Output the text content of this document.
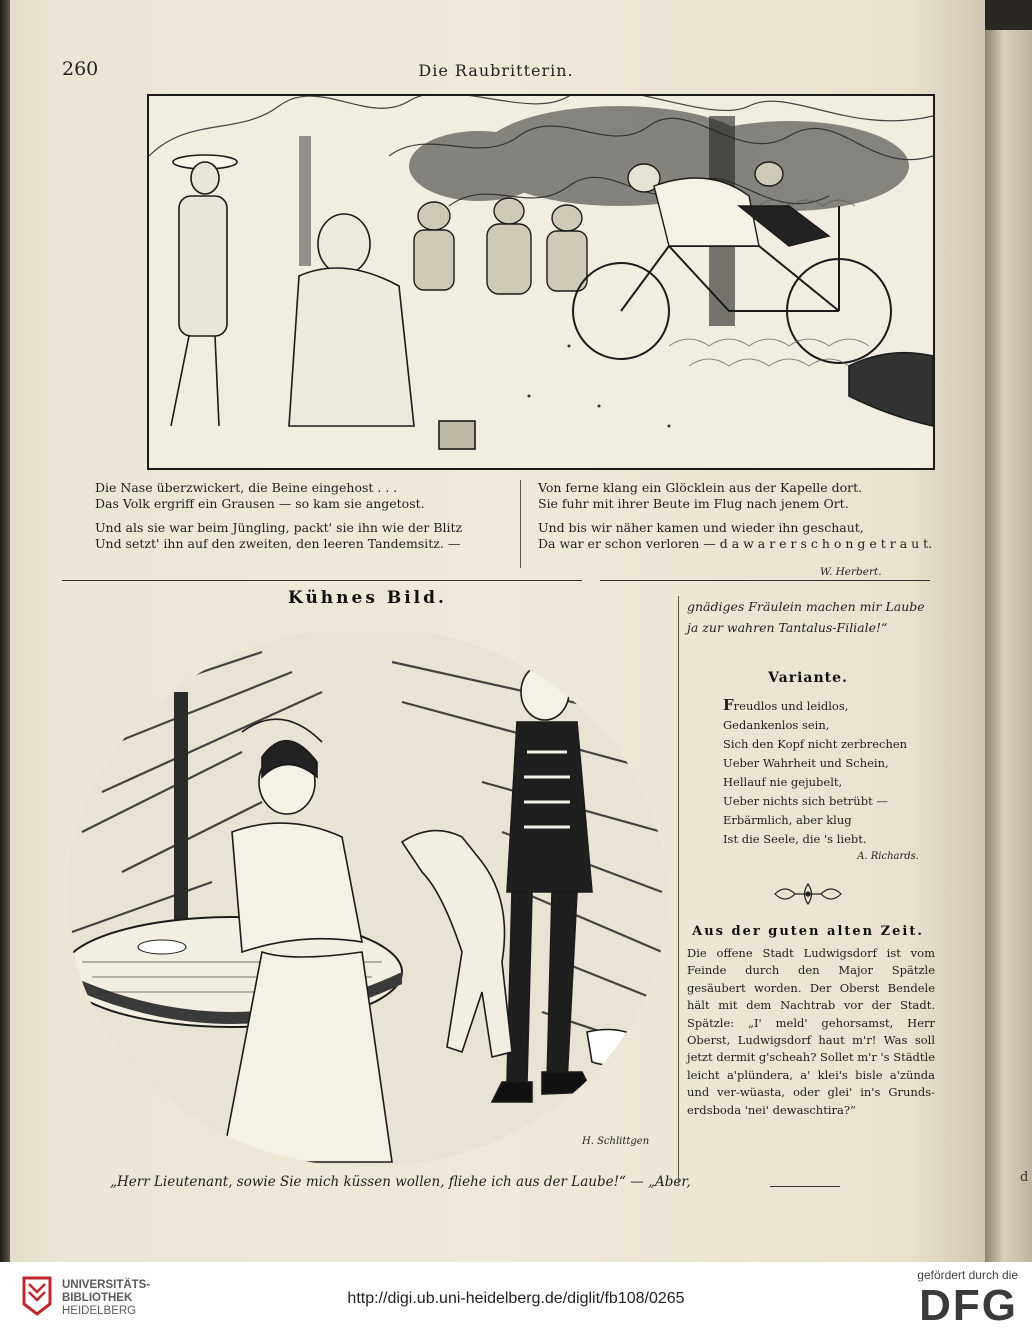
d
260	Die Raubritterin.
Die Nase überzwickert, die Beine eingehost . . .
Das Volk ergriff ein Grausen — so kam sie angetost.
Und als sie war beim Jüngling, packt' sie ihn wie der Blitz
Und setzt' ihn auf den zweiten, den leeren Tandemsitz. —
Von ferne klang ein Glöcklein aus der Kapelle dort.
Sie fuhr mit ihrer Beute im Flug nach jenem Ort.
Und bis wir näher kamen und wieder ihn geschaut,
Da war er schon verloren — d a w a r e r s c h o n g e t r a u t.
W. Herbert.
Kühnes Bild.
H. Schlittgen
„Herr Lieutenant, sowie Sie mich küssen wollen, fliehe ich aus der Laube!“ — „Aber,
gnädiges Fräulein machen mir Laube
ja zur wahren Tantalus-Filiale!“
Variante.
Freudlos und leidlos,
Gedankenlos sein,
Sich den Kopf nicht zerbrechen
Ueber Wahrheit und Schein,
Hellauf nie gejubelt,
Ueber nichts sich betrübt —
Erbärmlich, aber klug
Ist die Seele, die 's liebt.
A. Richards.
Aus der guten alten Zeit.
Die offene Stadt Ludwigsdorf ist vom Feinde durch den Major Spätzle gesäubert worden. Der Oberst Bendele hält mit dem Nachtrab vor der Stadt. Spätzle: „I' meld' gehorsamst, Herr Oberst, Ludwigsdorf haut m'r! Was soll jetzt dermit g'scheah? Sollet m'r 's Städtle leicht a'plündera, a' klei's bisle a'zünda und ver-wüasta, oder glei' in's Grunds-erdsboda 'nei' dewaschtira?“
UNIVERSITÄTS-
BIBLIOTHEK
HEIDELBERG
http://digi.ub.uni-heidelberg.de/diglit/fb108/0265
gefördert durch die
DFG
